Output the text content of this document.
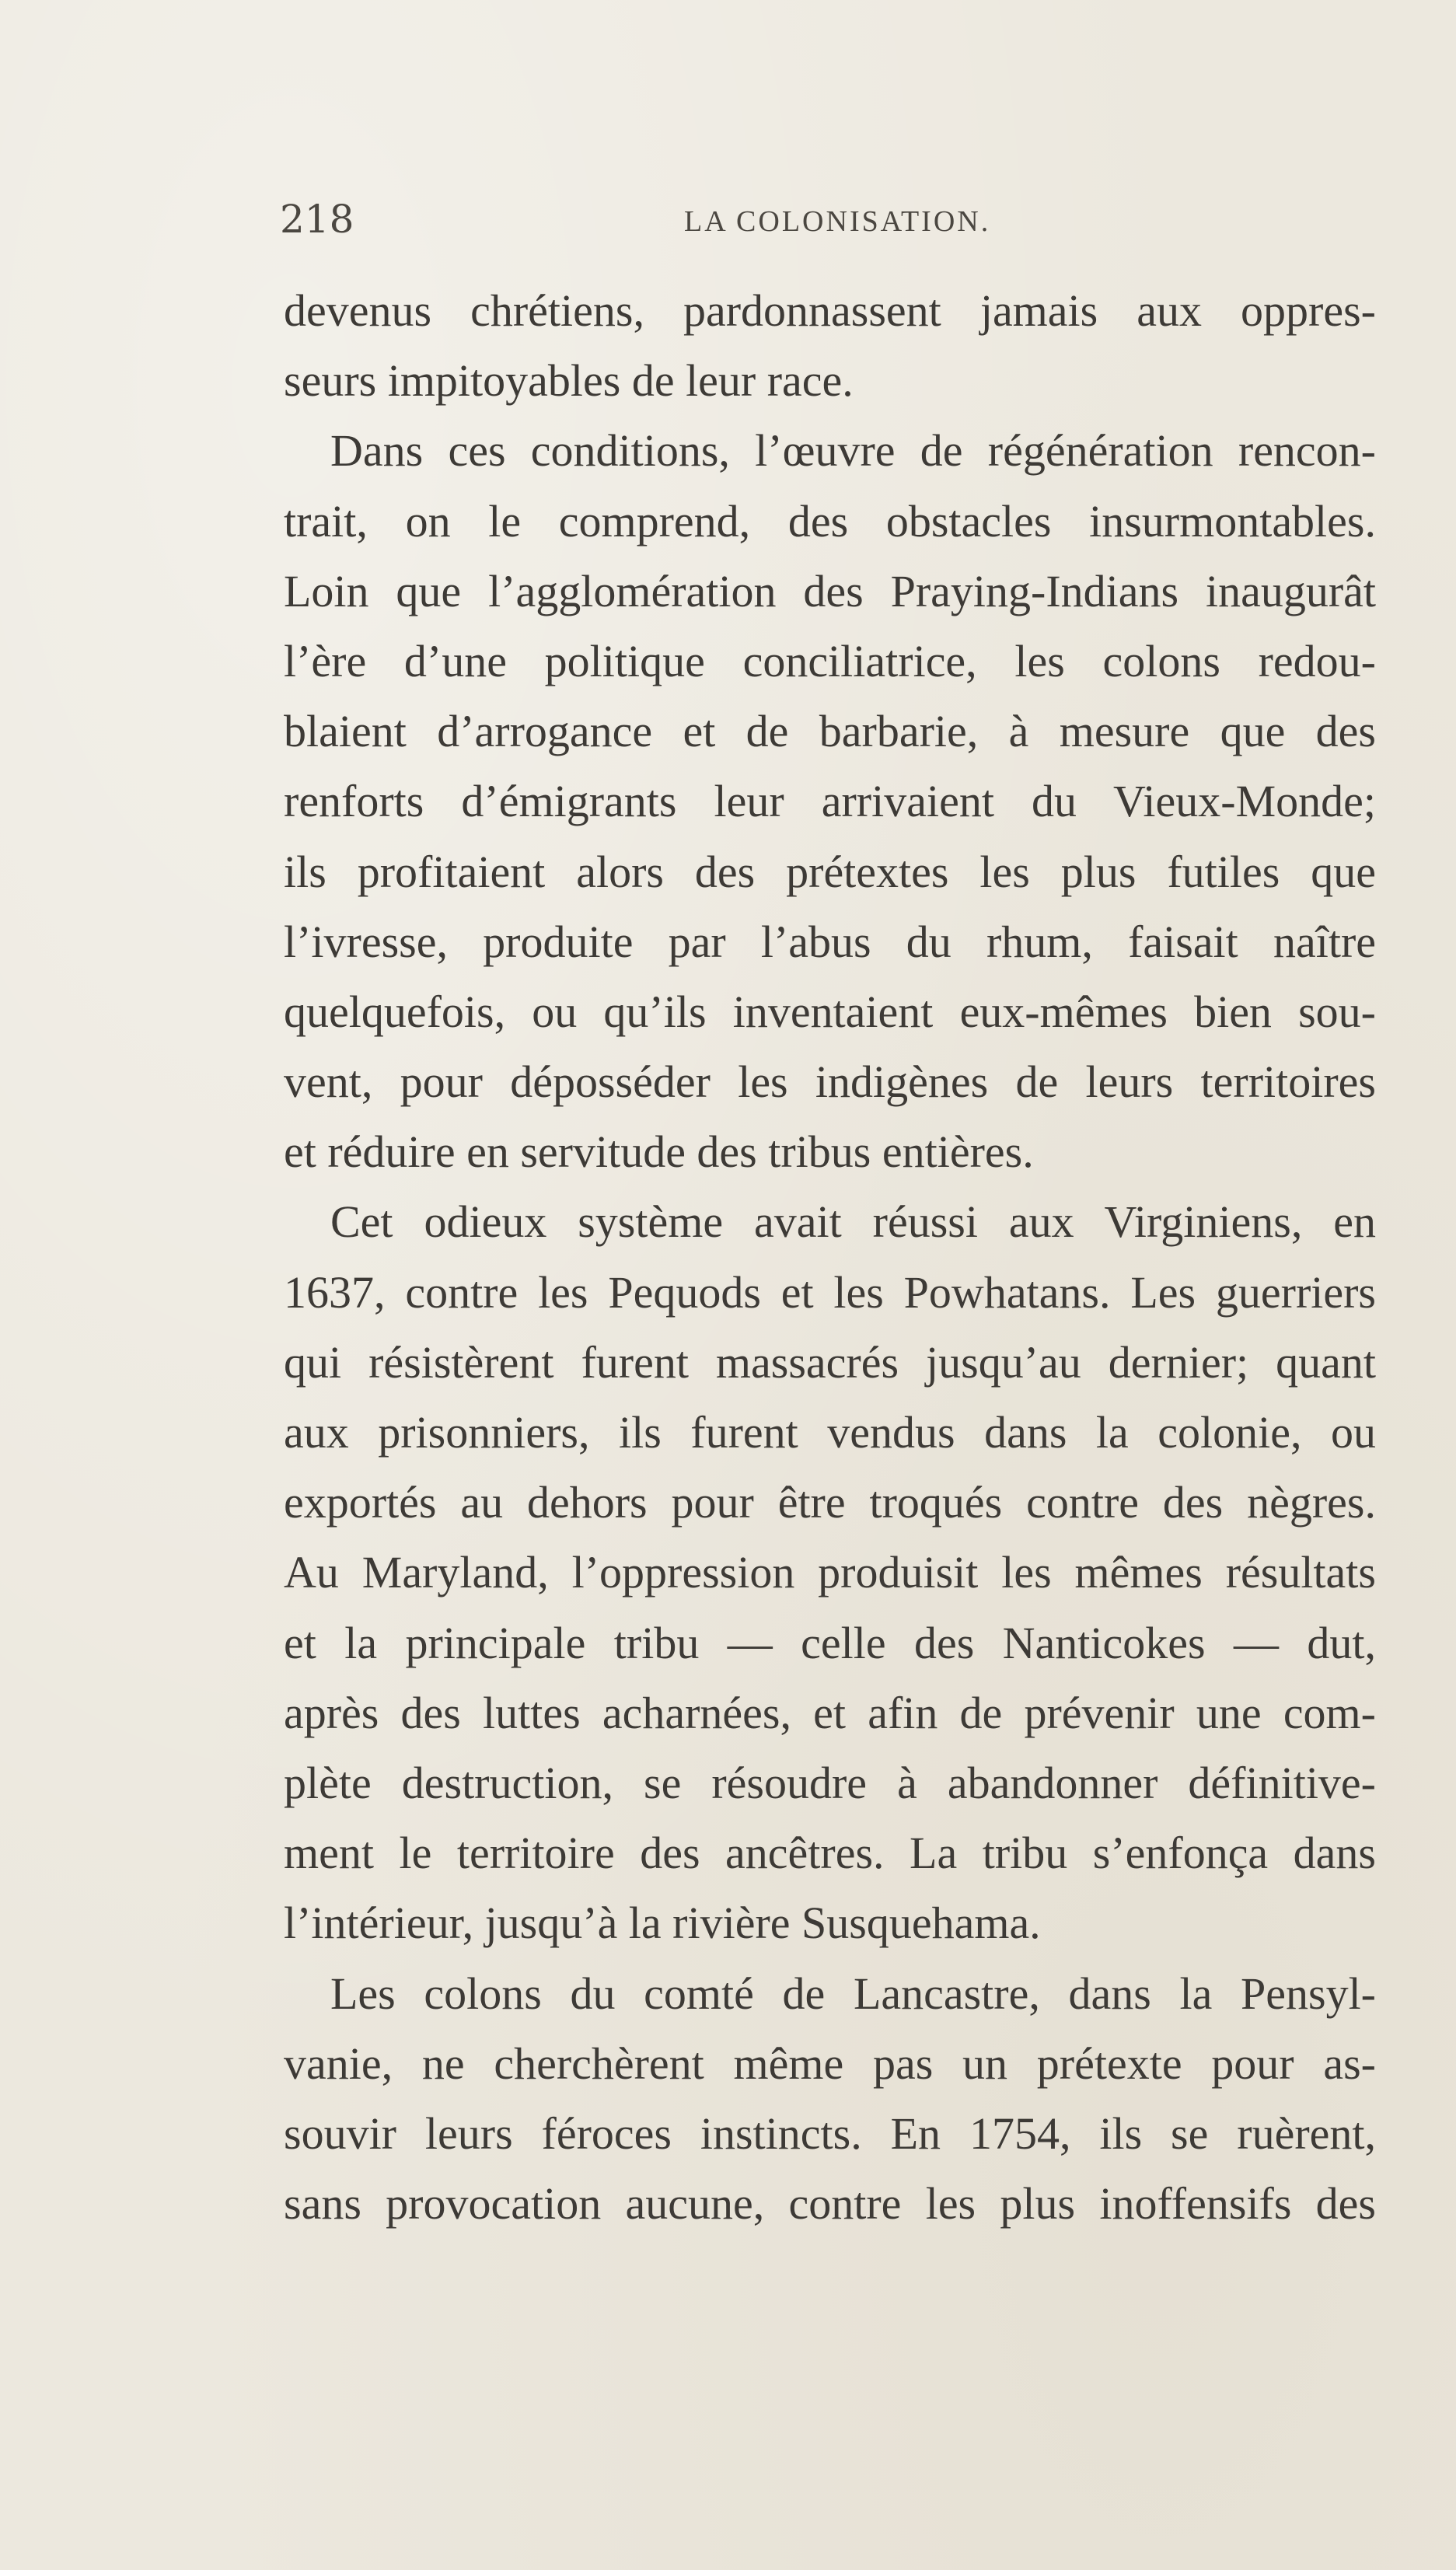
218	LA COLONISATION.
devenus chrétiens, pardonnassent jamais aux oppres-
seurs impitoyables de leur race.
Dans ces conditions, l’œuvre de régénération rencon-
trait, on le comprend, des obstacles insurmontables.
Loin que l’agglomération des Praying-Indians inaugurât
l’ère d’une politique conciliatrice, les colons redou-
blaient d’arrogance et de barbarie, à mesure que des
renforts d’émigrants leur arrivaient du Vieux-Monde;
ils profitaient alors des prétextes les plus futiles que
l’ivresse, produite par l’abus du rhum, faisait naître
quelquefois, ou qu’ils inventaient eux-mêmes bien sou-
vent, pour déposséder les indigènes de leurs territoires
et réduire en servitude des tribus entières.
Cet odieux système avait réussi aux Virginiens, en
1637, contre les Pequods et les Powhatans. Les guerriers
qui résistèrent furent massacrés jusqu’au dernier; quant
aux prisonniers, ils furent vendus dans la colonie, ou
exportés au dehors pour être troqués contre des nègres.
Au Maryland, l’oppression produisit les mêmes résultats
et la principale tribu — celle des Nanticokes — dut,
après des luttes acharnées, et afin de prévenir une com-
plète destruction, se résoudre à abandonner définitive-
ment le territoire des ancêtres. La tribu s’enfonça dans
l’intérieur, jusqu’à la rivière Susquehama.
Les colons du comté de Lancastre, dans la Pensyl-
vanie, ne cherchèrent même pas un prétexte pour as-
souvir leurs féroces instincts. En 1754, ils se ruèrent,
sans provocation aucune, contre les plus inoffensifs des
